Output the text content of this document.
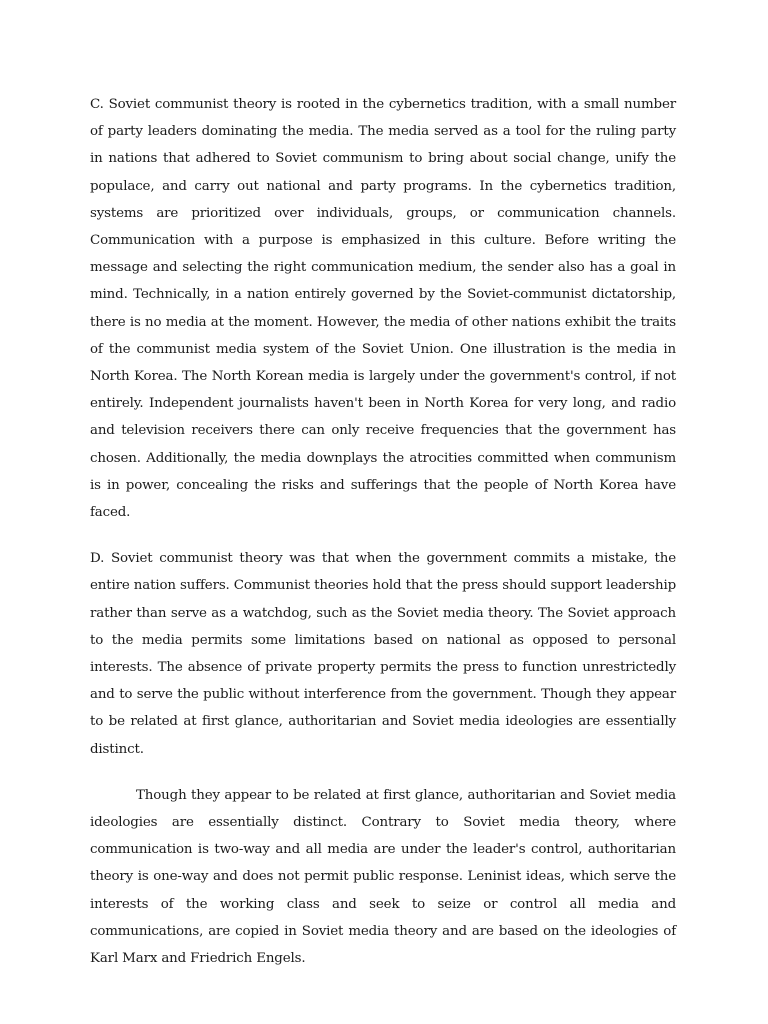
C. Soviet communist theory is rooted in the cybernetics tradition, with a small number of party leaders dominating the media. The media served as a tool for the ruling party in nations that adhered to Soviet communism to bring about social change, unify the populace, and carry out national and party programs. In the cybernetics tradition, systems are prioritized over individuals, groups, or communication channels. Communication with a purpose is emphasized in this culture. Before writing the message and selecting the right communication medium, the sender also has a goal in mind. Technically, in a nation entirely governed by the Soviet-communist dictatorship, there is no media at the moment. However, the media of other nations exhibit the traits of the communist media system of the Soviet Union. One illustration is the media in North Korea. The North Korean media is largely under the government's control, if not entirely. Independent journalists haven't been in North Korea for very long, and radio and television receivers there can only receive frequencies that the government has chosen. Additionally, the media downplays the atrocities committed when communism is in power, concealing the risks and sufferings that the people of North Korea have faced.

D. Soviet communist theory was that when the government commits a mistake, the entire nation suffers. Communist theories hold that the press should support leadership rather than serve as a watchdog, such as the Soviet media theory. The Soviet approach to the media permits some limitations based on national as opposed to personal interests. The absence of private property permits the press to function unrestrictedly and to serve the public without interference from the government. Though they appear to be related at first glance, authoritarian and Soviet media ideologies are essentially distinct.

Though they appear to be related at first glance, authoritarian and Soviet media ideologies are essentially distinct. Contrary to Soviet media theory, where communication is two-way and all media are under the leader's control, authoritarian theory is one-way and does not permit public response. Leninist ideas, which serve the interests of the working class and seek to seize or control all media and communications, are copied in Soviet media theory and are based on the ideologies of Karl Marx and Friedrich Engels.
